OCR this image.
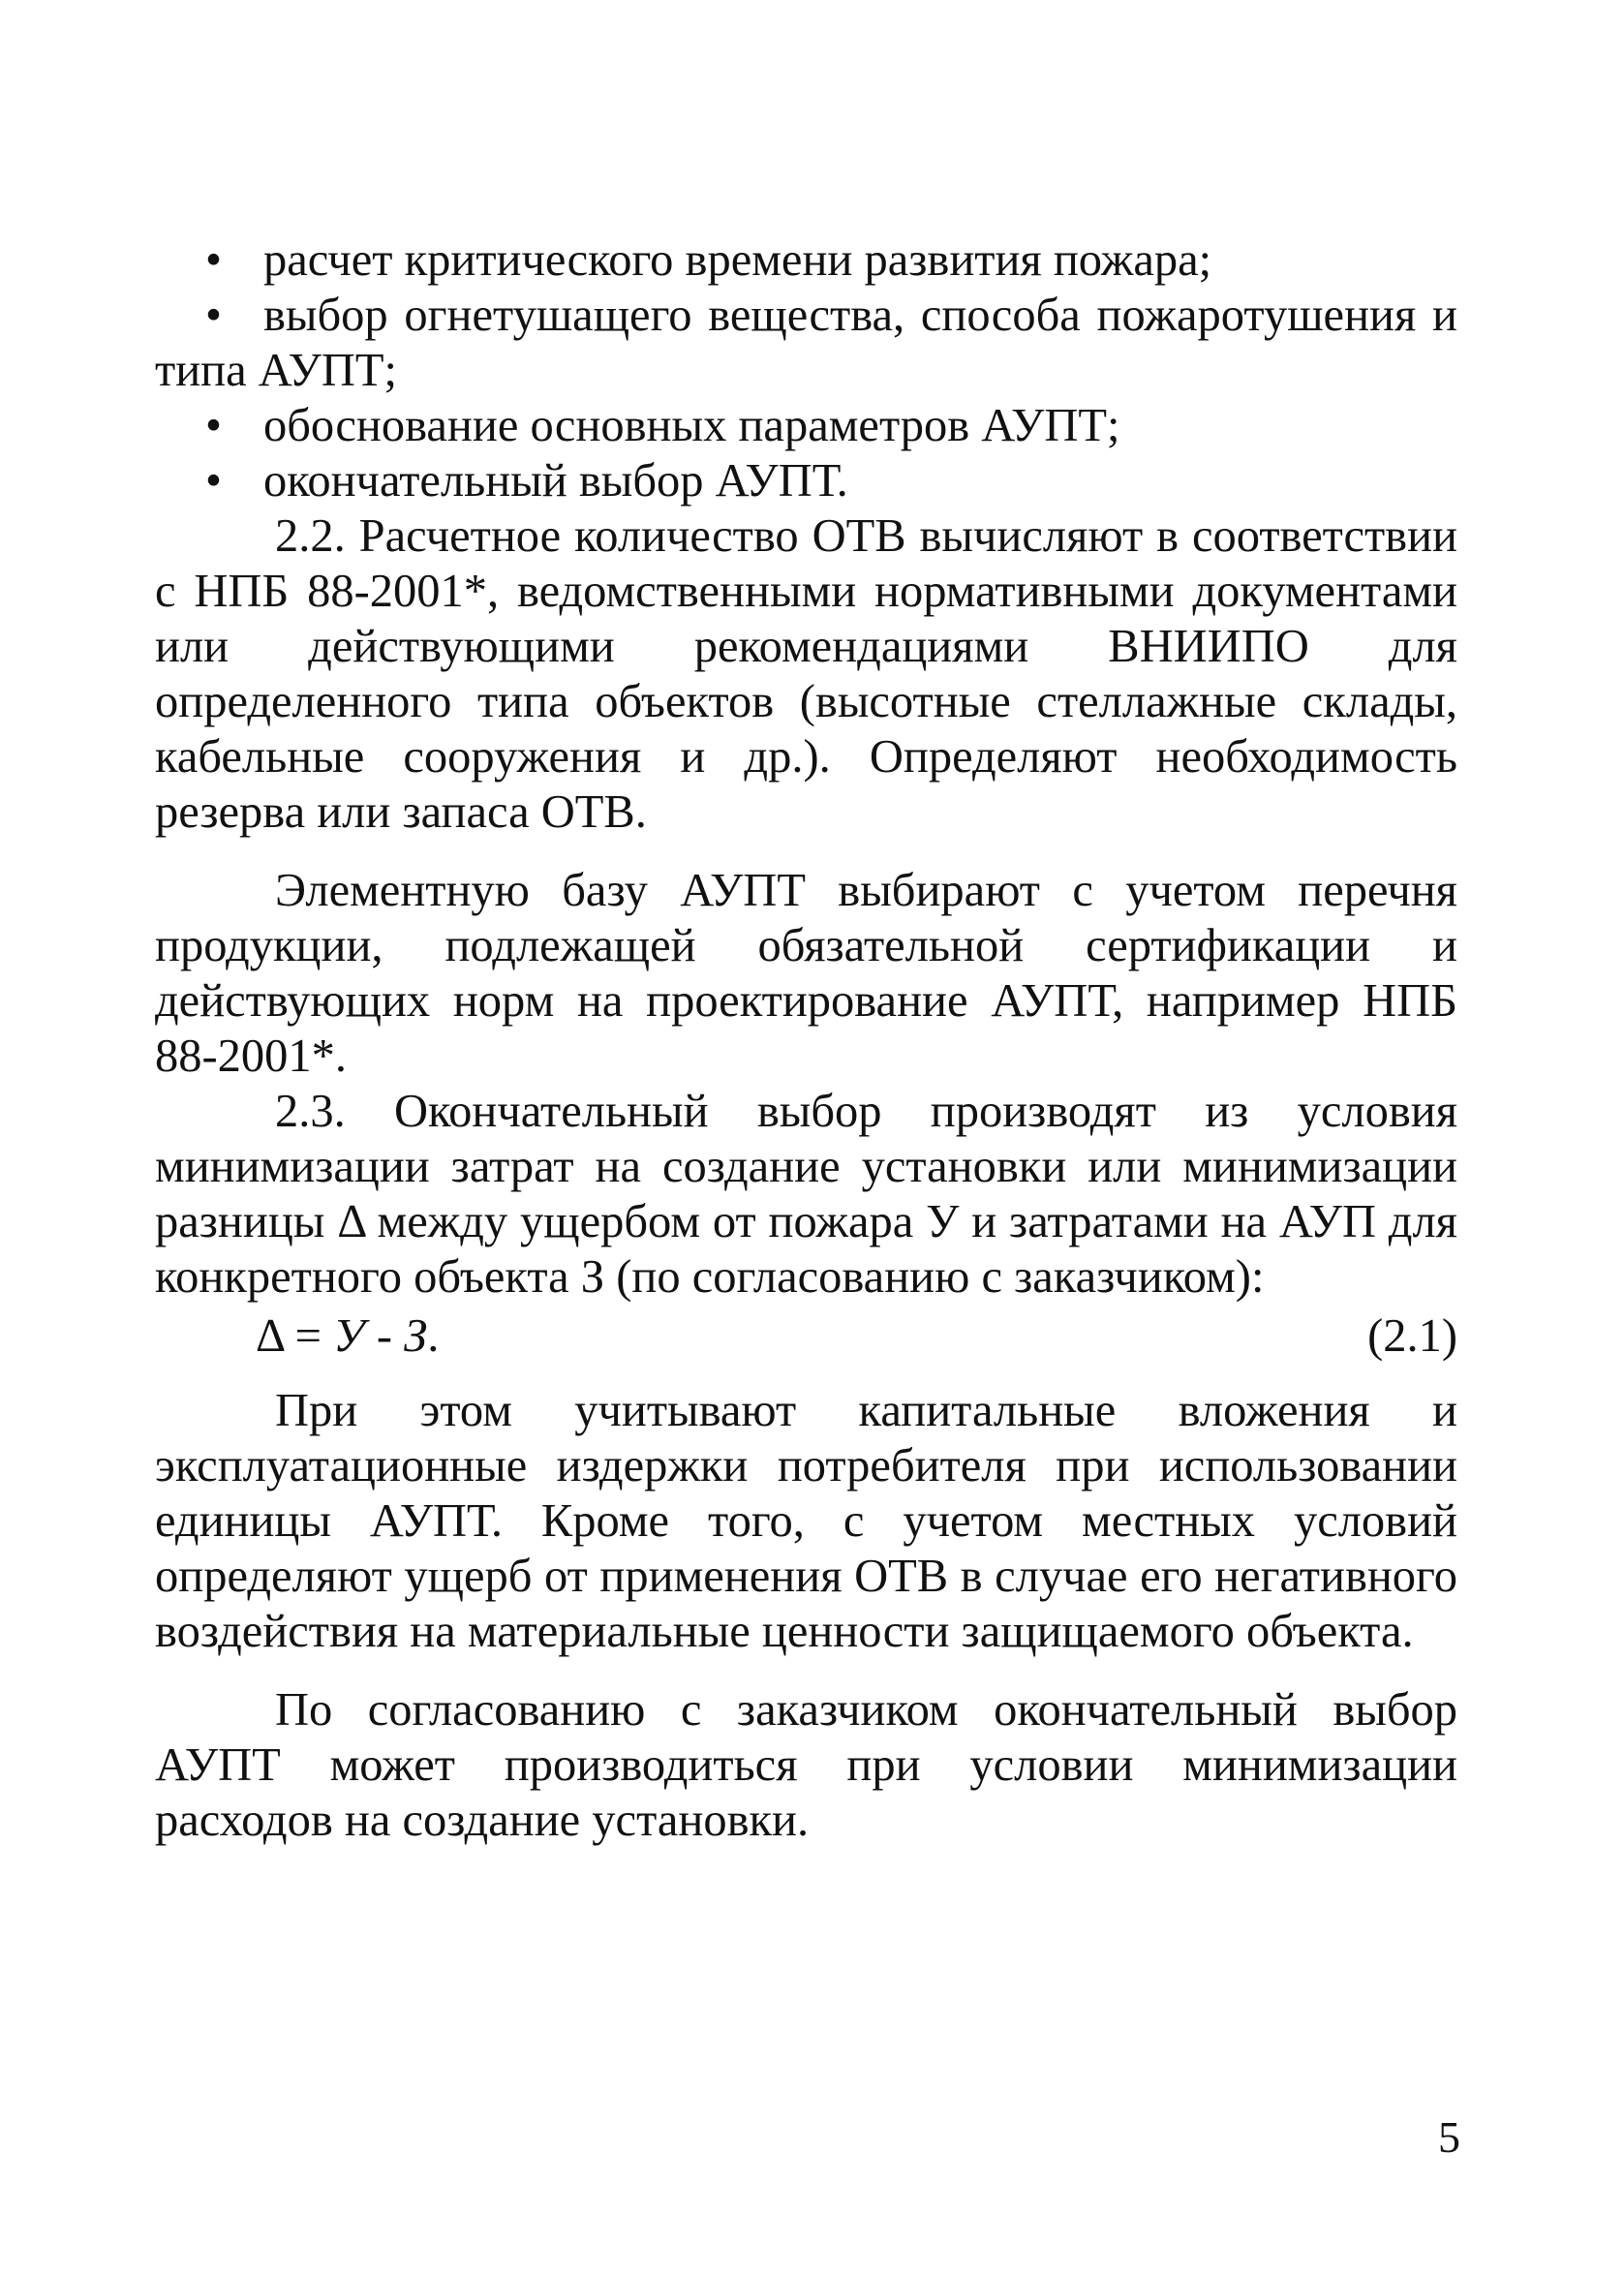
• расчет критического времени развития пожара;

• выбор огнетушащего вещества, способа пожаротушения и типа АУПТ;

• обоснование основных параметров АУПТ;

• окончательный выбор АУПТ.

2.2. Расчетное количество ОТВ вычисляют в соответствии с НПБ 88-2001*, ведомственными нормативными документами или действующими рекомендациями ВНИИПО для определенного типа объектов (высотные стеллажные склады, кабельные сооружения и др.). Определяют необходимость резерва или запаса ОТВ.

Элементную базу АУПТ выбирают с учетом перечня продукции, подлежащей обязательной сертификации и действующих норм на проектирование АУПТ, например НПБ 88-2001*.

2.3. Окончательный выбор производят из условия минимизации затрат на создание установки или минимизации разницы Δ между ущербом от пожара У и затратами на АУП для конкретного объекта З (по согласованию с заказчиком):

Δ = У - З.	(2.1)

При этом учитывают капитальные вложения и эксплуатационные издержки потребителя при использовании единицы АУПТ. Кроме того, с учетом местных условий определяют ущерб от применения ОТВ в случае его негативного воздействия на материальные ценности защищаемого объекта.

По согласованию с заказчиком окончательный выбор АУПТ может производиться при условии минимизации расходов на создание установки.

5
